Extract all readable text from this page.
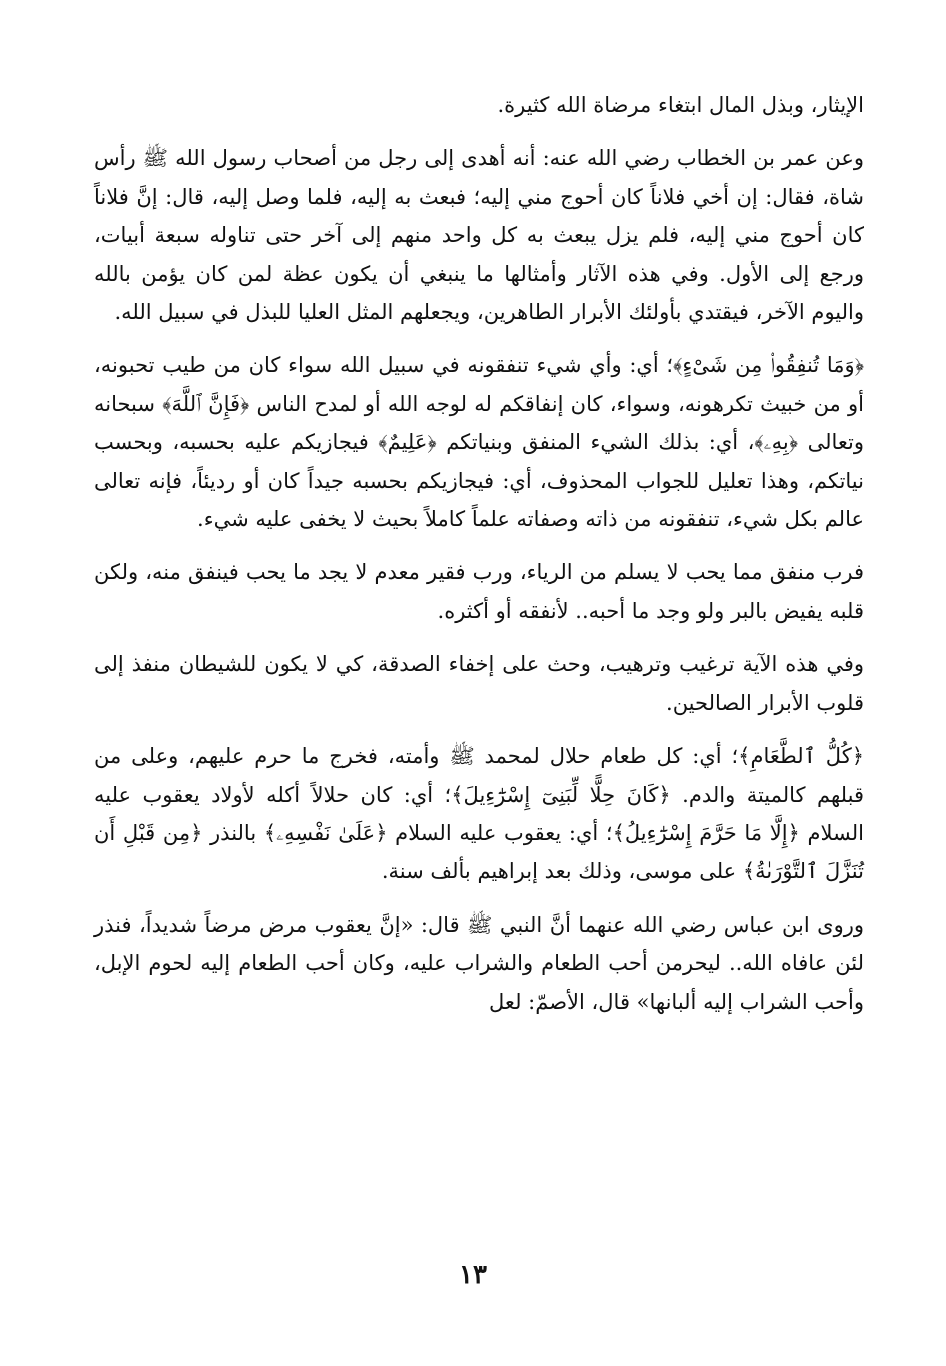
الإيثار، وبذل المال ابتغاء مرضاة الله كثيرة.

وعن عمر بن الخطاب رضي الله عنه: أنه أهدى إلى رجل من أصحاب رسول الله ﷺ رأس شاة، فقال: إن أخي فلاناً كان أحوج مني إليه؛ فبعث به إليه، فلما وصل إليه، قال: إنَّ فلاناً كان أحوج مني إليه، فلم يزل يبعث به كل واحد منهم إلى آخر حتى تناوله سبعة أبيات، ورجع إلى الأول. وفي هذه الآثار وأمثالها ما ينبغي أن يكون عظة لمن كان يؤمن بالله واليوم الآخر، فيقتدي بأولئك الأبرار الطاهرين، ويجعلهم المثل العليا للبذل في سبيل الله.

﴿وَمَا تُنفِقُوا۟ مِن شَىْءٍ﴾؛ أي: وأي شيء تنفقونه في سبيل الله سواء كان من طيب تحبونه، أو من خبيث تكرهونه، وسواء، كان إنفاقكم له لوجه الله أو لمدح الناس ﴿فَإِنَّ ٱللَّهَ﴾ سبحانه وتعالى ﴿بِهِۦ﴾، أي: بذلك الشيء المنفق وبنياتكم ﴿عَلِيمٌ﴾ فيجازيكم عليه بحسبه، وبحسب نياتكم، وهذا تعليل للجواب المحذوف، أي: فيجازيكم بحسبه جيداً كان أو رديئاً، فإنه تعالى عالم بكل شيء، تنفقونه من ذاته وصفاته علماً كاملاً بحيث لا يخفى عليه شيء.

فرب منفق مما يحب لا يسلم من الرياء، ورب فقير معدم لا يجد ما يحب فينفق منه، ولكن قلبه يفيض بالبر ولو وجد ما أحبه.. لأنفقه أو أكثره.

وفي هذه الآية ترغيب وترهيب، وحث على إخفاء الصدقة، كي لا يكون للشيطان منفذ إلى قلوب الأبرار الصالحين.

﴿كُلُّ ٱلطَّعَامِ﴾؛ أي: كل طعام حلال لمحمد ﷺ وأمته، فخرج ما حرم عليهم، وعلى من قبلهم كالميتة والدم. ﴿كَانَ حِلًّا لِّبَنِىٓ إِسْرَٰٓءِيلَ﴾؛ أي: كان حلالاً أكله لأولاد يعقوب عليه السلام ﴿إِلَّا مَا حَرَّمَ إِسْرَٰٓءِيلُ﴾؛ أي: يعقوب عليه السلام ﴿عَلَىٰ نَفْسِهِۦ﴾ بالنذر ﴿مِن قَبْلِ أَن تُنَزَّلَ ٱلتَّوْرَىٰةُ﴾ على موسى، وذلك بعد إبراهيم بألف سنة.

وروى ابن عباس رضي الله عنهما أنَّ النبي ﷺ قال: «إنَّ يعقوب مرض مرضاً شديداً، فنذر لئن عافاه الله.. ليحرمن أحب الطعام والشراب عليه، وكان أحب الطعام إليه لحوم الإبل، وأحب الشراب إليه ألبانها» قال، الأصمّ: لعل

١٣
